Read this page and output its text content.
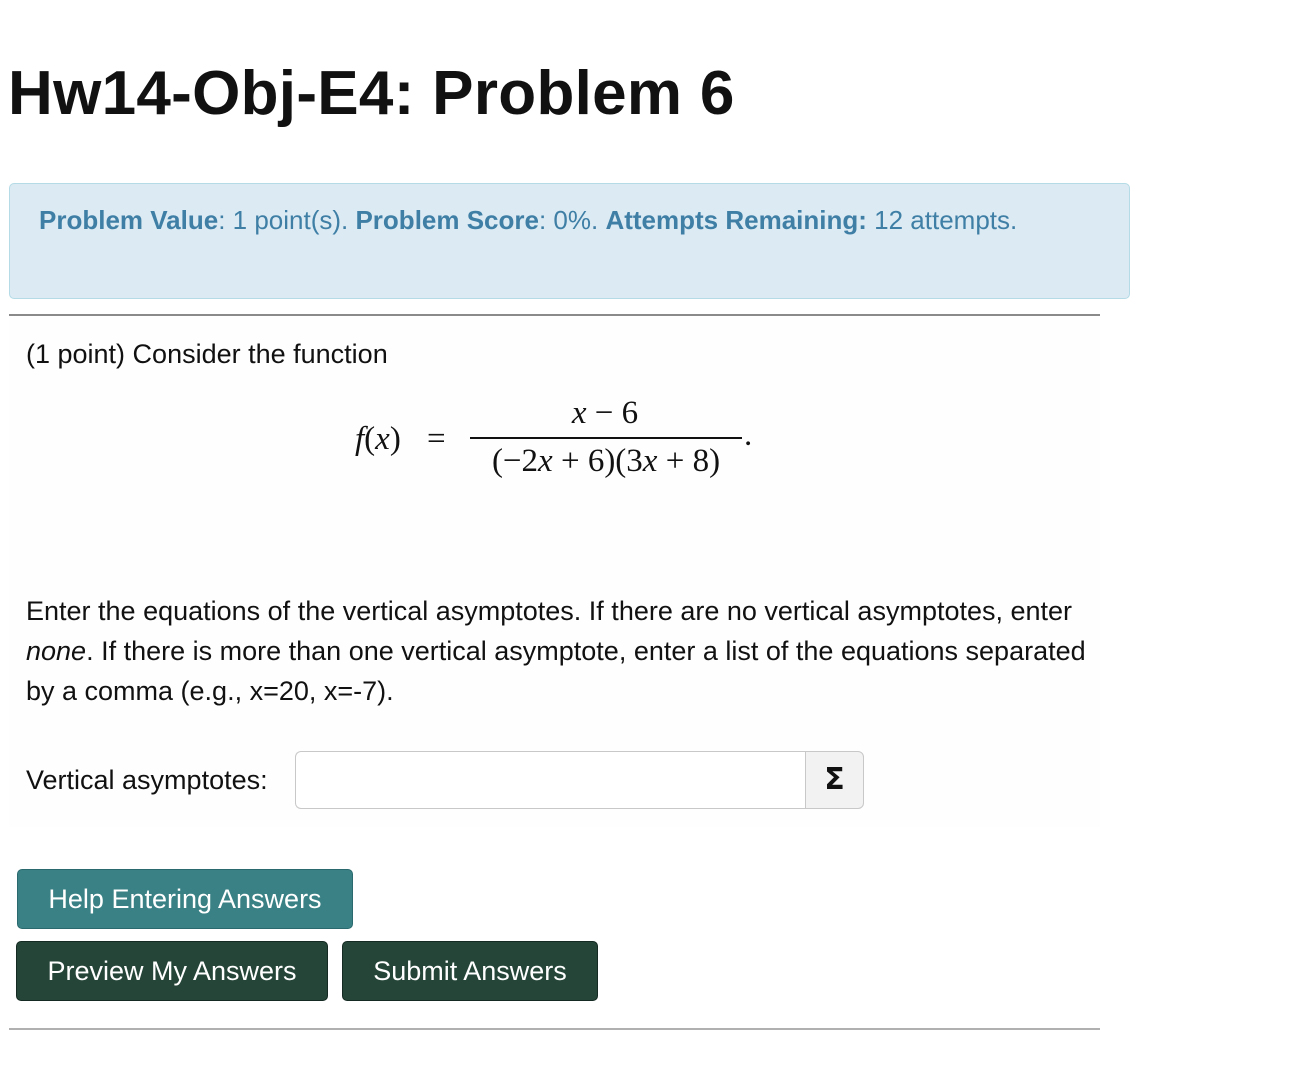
Hw14-Obj-E4: Problem 6
Problem Value: 1 point(s). Problem Score: 0%. Attempts Remaining: 12 attempts.
(1 point) Consider the function
f(x) =
x − 6
(−2x + 6)(3x + 8)
.

Enter the equations of the vertical asymptotes. If there are no vertical asymptotes, enter none. If there is more than one vertical asymptote, enter a list of the equations separated by a comma (e.g., x=20, x=-7).

Vertical asymptotes:	Σ
Help Entering Answers
Preview My Answers	Submit Answers
